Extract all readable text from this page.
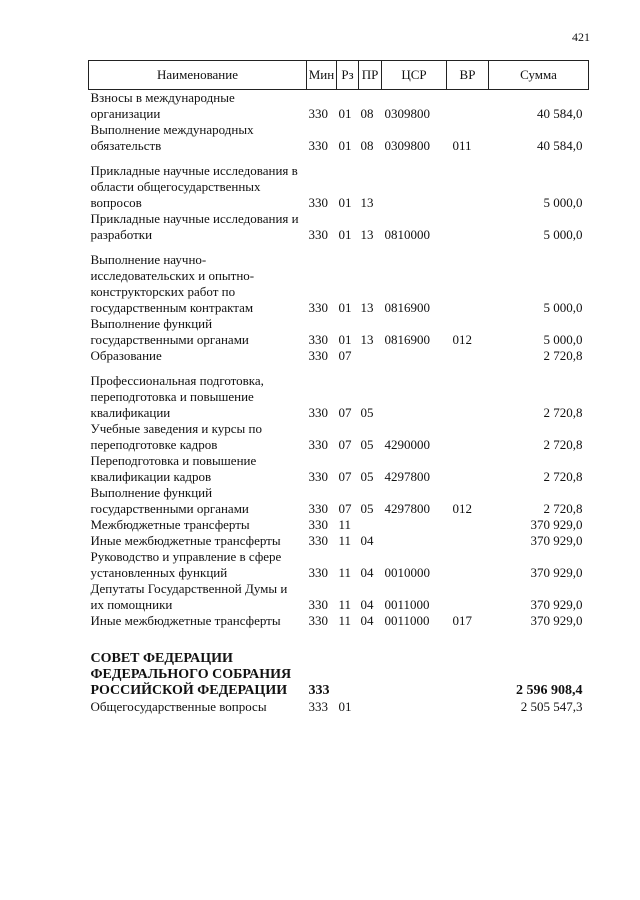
421
Наименование	Мин	Рз	ПР	ЦСР	ВР	Сумма
Взносы в международные организации	330	01	08	0309800		40 584,0
Выполнение международных обязательств	330	01	08	0309800	011	40 584,0
Прикладные научные исследования в области общегосударственных вопросов	330	01	13			5 000,0
Прикладные научные исследования и разработки	330	01	13	0810000		5 000,0
Выполнение научно-исследовательских и опытно-конструкторских работ по государственным контрактам	330	01	13	0816900		5 000,0
Выполнение функций государственными органами	330	01	13	0816900	012	5 000,0
Образование	330	07				2 720,8
Профессиональная подготовка, переподготовка и повышение квалификации	330	07	05			2 720,8
Учебные заведения и курсы по переподготовке кадров	330	07	05	4290000		2 720,8
Переподготовка и повышение квалификации кадров	330	07	05	4297800		2 720,8
Выполнение функций государственными органами	330	07	05	4297800	012	2 720,8
Межбюджетные трансферты	330	11				370 929,0
Иные межбюджетные трансферты	330	11	04			370 929,0
Руководство и управление в сфере установленных функций	330	11	04	0010000		370 929,0
Депутаты Государственной Думы и их помощники	330	11	04	0011000		370 929,0
Иные межбюджетные трансферты	330	11	04	0011000	017	370 929,0
СОВЕТ ФЕДЕРАЦИИ ФЕДЕРАЛЬНОГО СОБРАНИЯ РОССИЙСКОЙ ФЕДЕРАЦИИ	333					2 596 908,4
Общегосударственные вопросы	333	01				2 505 547,3
